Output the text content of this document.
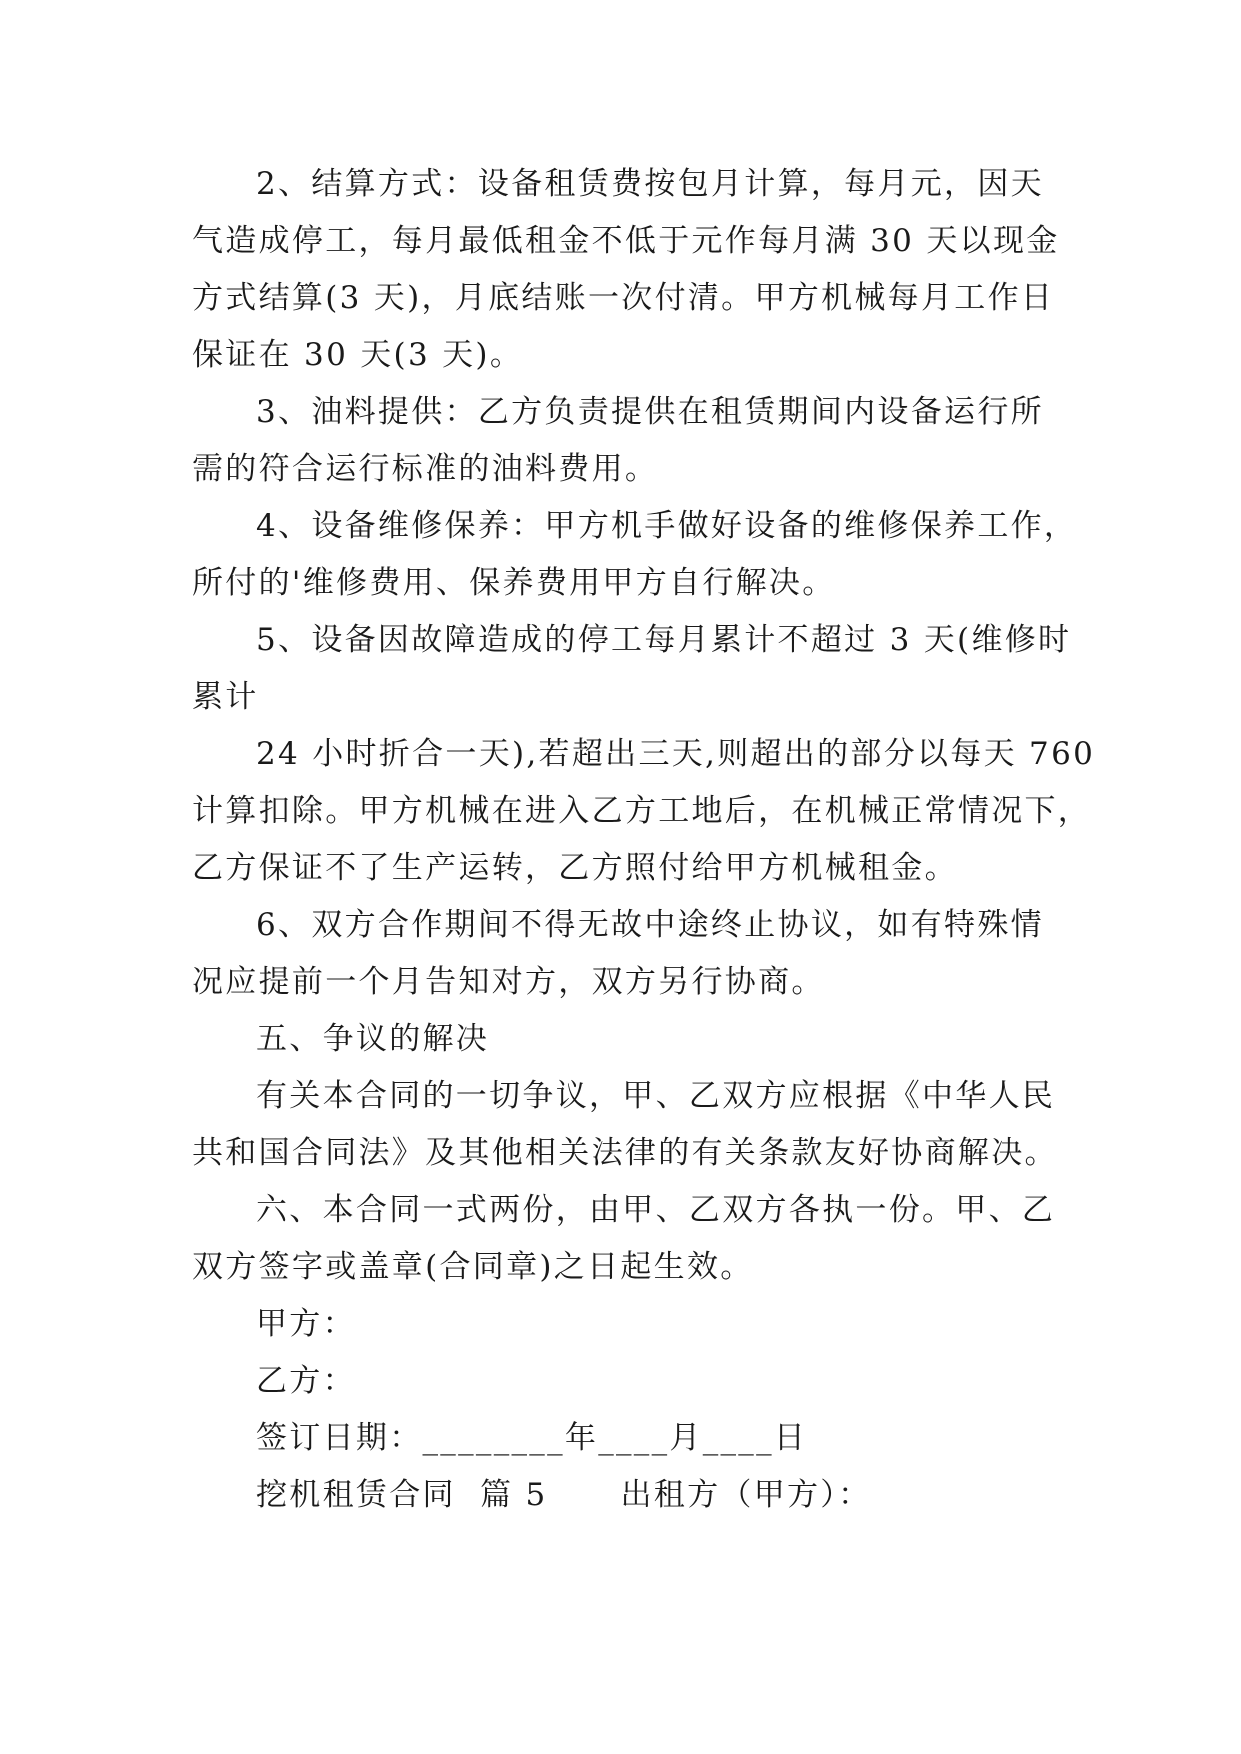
2、结算方式：设备租赁费按包月计算，每月元，因天
气造成停工，每月最低租金不低于元作每月满 30 天以现金
方式结算(3 天)，月底结账一次付清。甲方机械每月工作日
保证在 30 天(3 天)。
3、油料提供：乙方负责提供在租赁期间内设备运行所
需的符合运行标准的油料费用。
4、设备维修保养：甲方机手做好设备的维修保养工作，
所付的'维修费用、保养费用甲方自行解决。
5、设备因故障造成的停工每月累计不超过 3 天(维修时
累计
24 小时折合一天),若超出三天,则超出的部分以每天 760
计算扣除。甲方机械在进入乙方工地后，在机械正常情况下，
乙方保证不了生产运转，乙方照付给甲方机械租金。
6、双方合作期间不得无故中途终止协议，如有特殊情
况应提前一个月告知对方，双方另行协商。
五、争议的解决
有关本合同的一切争议，甲、乙双方应根据《中华人民
共和国合同法》及其他相关法律的有关条款友好协商解决。
六、本合同一式两份，由甲、乙双方各执一份。甲、乙
双方签字或盖章(合同章)之日起生效。
甲方：
乙方：
签订日期：________年____月____日
挖机租赁合同  篇 5      出租方（甲方）：
